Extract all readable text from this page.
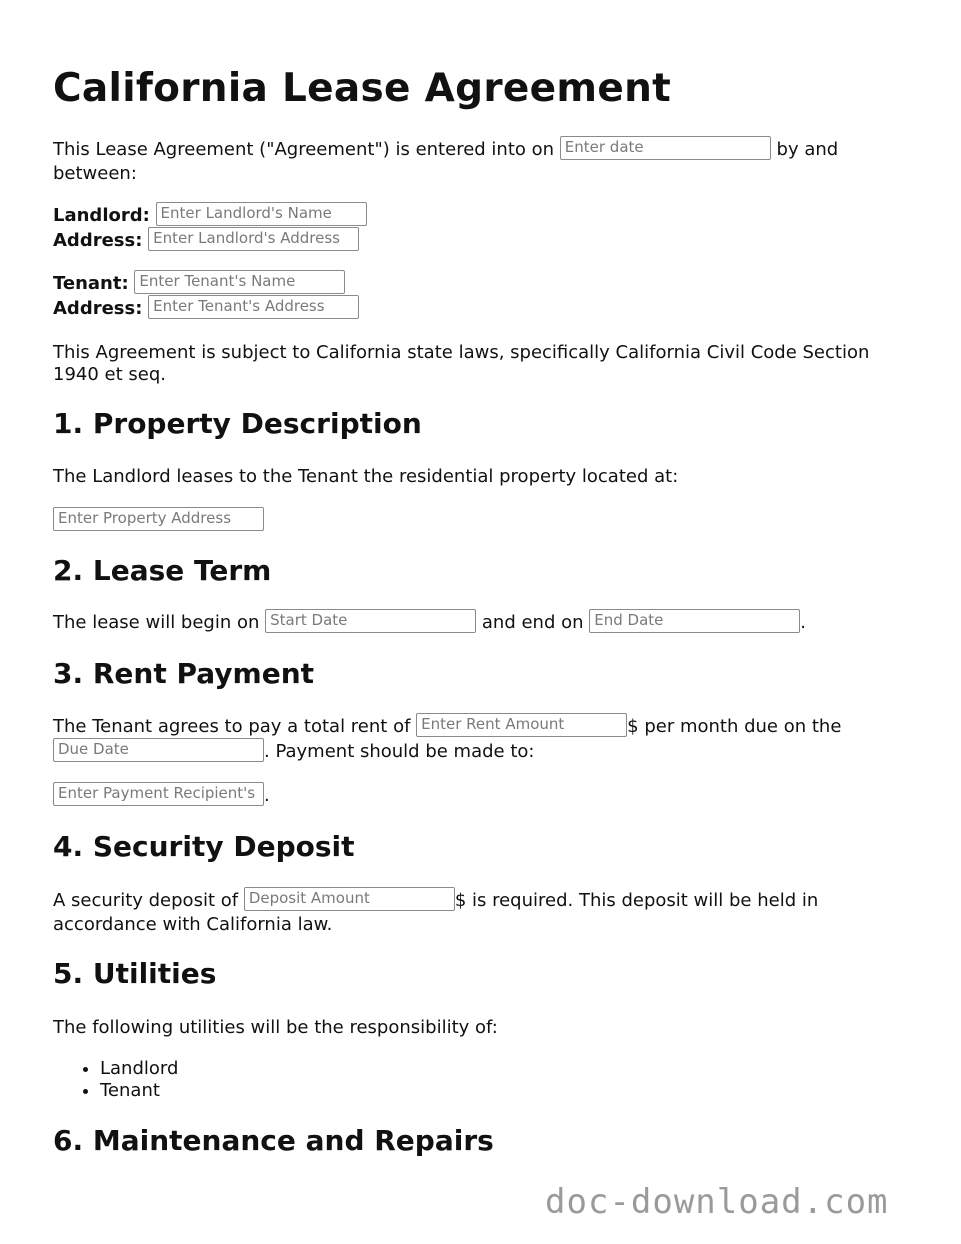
California Lease Agreement
This Lease Agreement ("Agreement") is entered into on Enter date	by and
between:
Landlord: Enter Landlord's Name
Address: Enter Landlord's Address
Tenant: Enter Tenant's Name
Address: Enter Tenant's Address
This Agreement is subject to California state laws, specifically California Civil Code Section
1940 et seq.
1. Property Description
The Landlord leases to the Tenant the residential property located at:
Enter Property Address
2. Lease Term
The lease will begin on Start Date	and end on End Date	.
3. Rent Payment
The Tenant agrees to pay a total rent of Enter Rent Amount	$ per month due on the
Due Date	. Payment should be made to:
Enter Payment Recipient's .
4. Security Deposit
A security deposit of Deposit Amount	$ is required. This deposit will be held in
accordance with California law.
5. Utilities
The following utilities will be the responsibility of:
• Landlord
• Tenant
6. Maintenance and Repairs
doc-download.com
